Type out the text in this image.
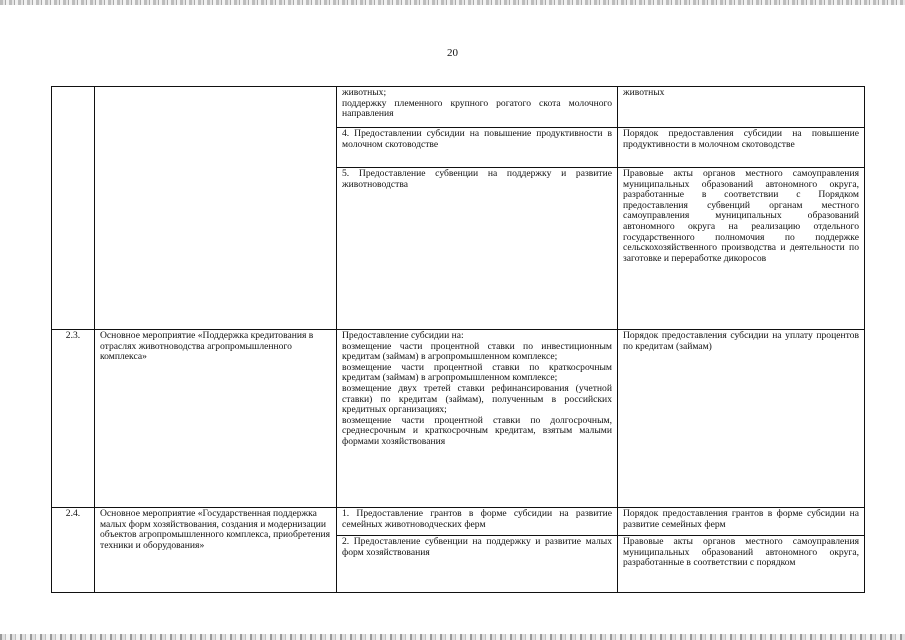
20
		животных;
поддержку племенного крупного рогатого скота молочного направления	животных
		4. Предоставлении субсидии на повышение продуктивности в молочном скотоводстве	Порядок предоставления субсидии на повышение продуктивности в молочном скотоводстве
		5. Предоставление субвенции на поддержку и развитие животноводства	Правовые акты органов местного самоуправления муниципальных образований автономного округа, разработанные в соответствии с Порядком предоставления субвенций органам местного самоуправления муниципальных образований автономного округа на реализацию отдельного государственного полномочия по поддержке сельскохозяйственного производства и деятельности по заготовке и переработке дикоросов
2.3.	Основное мероприятие «Поддержка кредитования в отраслях животноводства агропромышленного комплекса»	Предоставление субсидии на:
возмещение части процентной ставки по инвестиционным кредитам (займам) в агропромышленном комплексе;
возмещение части процентной ставки по краткосрочным кредитам (займам) в агропромышленном комплексе;
возмещение двух третей ставки рефинансирования (учетной ставки) по кредитам (займам), полученным в российских кредитных организациях;
возмещение части процентной ставки по долгосрочным, среднесрочным и краткосрочным кредитам, взятым малыми формами хозяйствования	Порядок предоставления субсидии на уплату процентов по кредитам (займам)
2.4.	Основное мероприятие «Государственная поддержка малых форм хозяйствования, создания и модернизации объектов агропромышленного комплекса, приобретения техники и оборудования»	1. Предоставление грантов в форме субсидии на развитие семейных животноводческих ферм	Порядок предоставления грантов в форме субсидии на развитие семейных ферм
		2. Предоставление субвенции на поддержку и развитие малых форм хозяйствования	Правовые акты органов местного самоуправления муниципальных образований автономного округа, разработанные в соответствии с порядком
